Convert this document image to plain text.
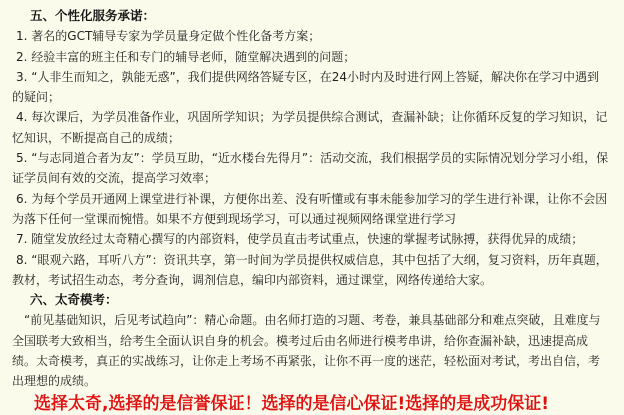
五、个性化服务承诺：
1. 著名的GCT辅导专家为学员量身定做个性化备考方案；
2. 经验丰富的班主任和专门的辅导老师，随堂解决遇到的问题；
3. “人非生而知之，孰能无惑”，我们提供网络答疑专区，在24小时内及时进行网上答疑，解决你在学习中遇到的疑问；
4. 每次课后，为学员准备作业，巩固所学知识；为学员提供综合测试，查漏补缺；让你循环反复的学习知识，记忆知识，不断提高自己的成绩；
5. “与志同道合者为友”：学员互助，“近水楼台先得月”：活动交流，我们根据学员的实际情况划分学习小组，保证学员间有效的交流，提高学习效率；
6. 为每个学员开通网上课堂进行补课，方便你出差、没有听懂或有事未能参加学习的学生进行补课，让你不会因为落下任何一堂课而惋惜。如果不方便到现场学习，可以通过视频网络课堂进行学习
7. 随堂发放经过太奇精心撰写的内部资料，使学员直击考试重点，快速的掌握考试脉搏，获得优异的成绩；
8. “眼观六路，耳听八方”：资讯共享，第一时间为学员提供权威信息，其中包括了大纲，复习资料，历年真题，教材，考试招生动态，考分查询，调剂信息，编印内部资料，通过课堂，网络传递给大家。
六、太奇模考：
“前见基础知识，后见考试趋向”：精心命题。由名师打造的习题、考卷，兼具基础部分和难点突破，且难度与全国联考大致相当，给考生全面认识自身的机会。模考过后由名师进行模考串讲，给你查漏补缺，迅速提高成绩。太奇模考，真正的实战练习，让你走上考场不再紧张，让你不再一度的迷茫，轻松面对考试，考出自信，考出理想的成绩。
选择太奇,选择的是信誉保证！选择的是信心保证!选择的是成功保证!
